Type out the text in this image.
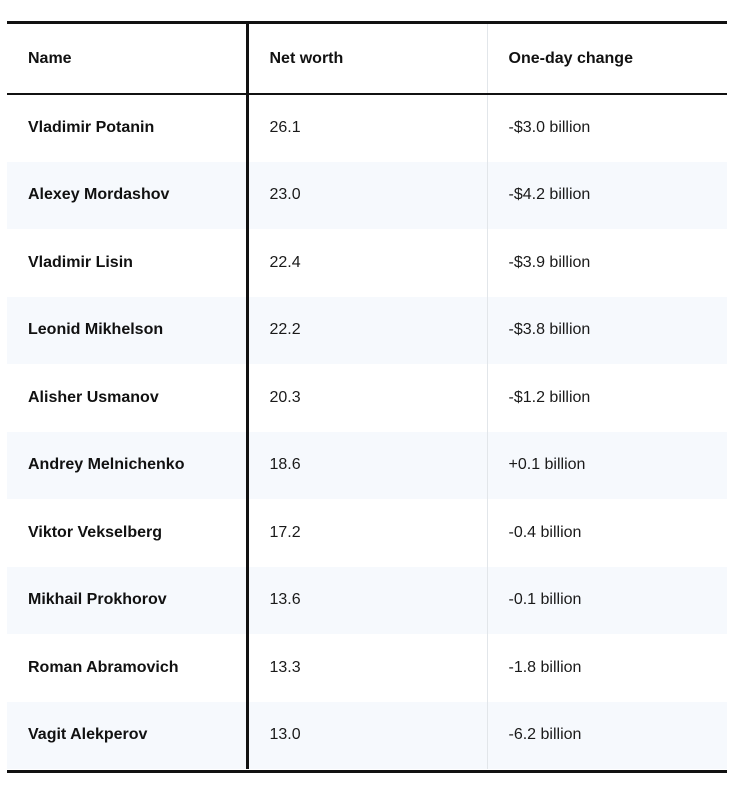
Name	Net worth	One-day change
Vladimir Potanin	26.1	-$3.0 billion
Alexey Mordashov	23.0	-$4.2 billion
Vladimir Lisin	22.4	-$3.9 billion
Leonid Mikhelson	22.2	-$3.8 billion
Alisher Usmanov	20.3	-$1.2 billion
Andrey Melnichenko	18.6	+0.1 billion
Viktor Vekselberg	17.2	-0.4 billion
Mikhail Prokhorov	13.6	-0.1 billion
Roman Abramovich	13.3	-1.8 billion
Vagit Alekperov	13.0	-6.2 billion
